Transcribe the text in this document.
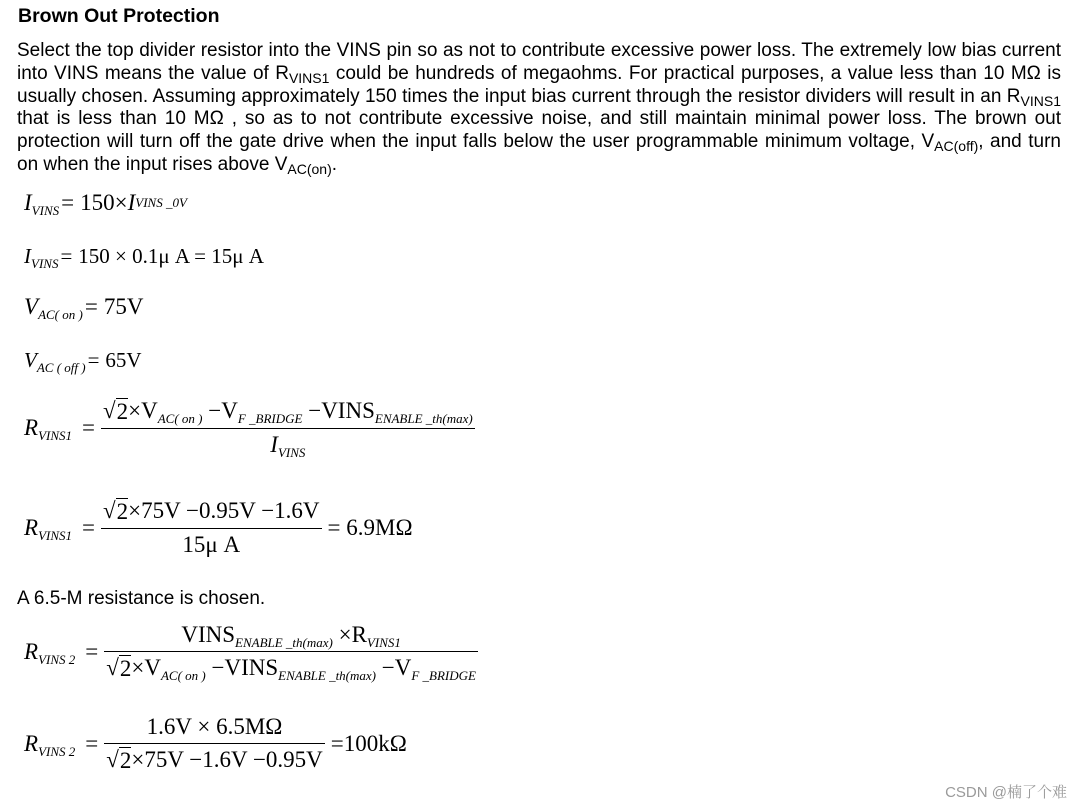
Brown Out Protection
Select the top divider resistor into the VINS pin so as not to contribute excessive power loss. The extremely low bias current into VINS means the value of $R_{VINS1}$ could be hundreds of megaohms. For practical purposes, a value less than 10 MΩ is usually chosen. Assuming approximately 150 times the input bias current through the resistor dividers will result in an $R_{VINS1}$ that is less than 10 MΩ , so as to not contribute excessive noise, and still maintain minimal power loss. The brown out protection will turn off the gate drive when the input falls below the user programmable minimum voltage, $V_{AC(off)}$, and turn on when the input rises above $V_{AC(on)}$.
$I_{VINS} = 150\times I$ VINS _0V
$I_{VINS} = 150 \times 0.1\mu$ A = 15μ A
$V_{AC( on )} = 75V$
$V_{AC ( off )} = 65V$
$R_{VINS1} = \frac{√ 2 \times V_{AC( on )} -V_{F \_BRIDGE} -VINS_{ENABLE \_th(max)}}{I_{VINS}}$
$R_{VINS1} = \frac{√ 2 \times 75V -0.95V -1.6V}{\text{15μ A}} = 6.9M\Omega$
A 6.5-M resistance is chosen.
$R_{VINS 2} = \frac{VINS_{ENABLE \_th(max)} \times R_{VINS1}}{√ 2 \times V_{AC( on )} -VINS_{ENABLE \_th(max)} -V_{F \_BRIDGE}}$
$R_{VINS 2} = \frac{1.6V \times 6.5M\Omega}{√ 2 \times 75V -1.6V -0.95V} =100k\Omega$
CSDN @楠了个难
